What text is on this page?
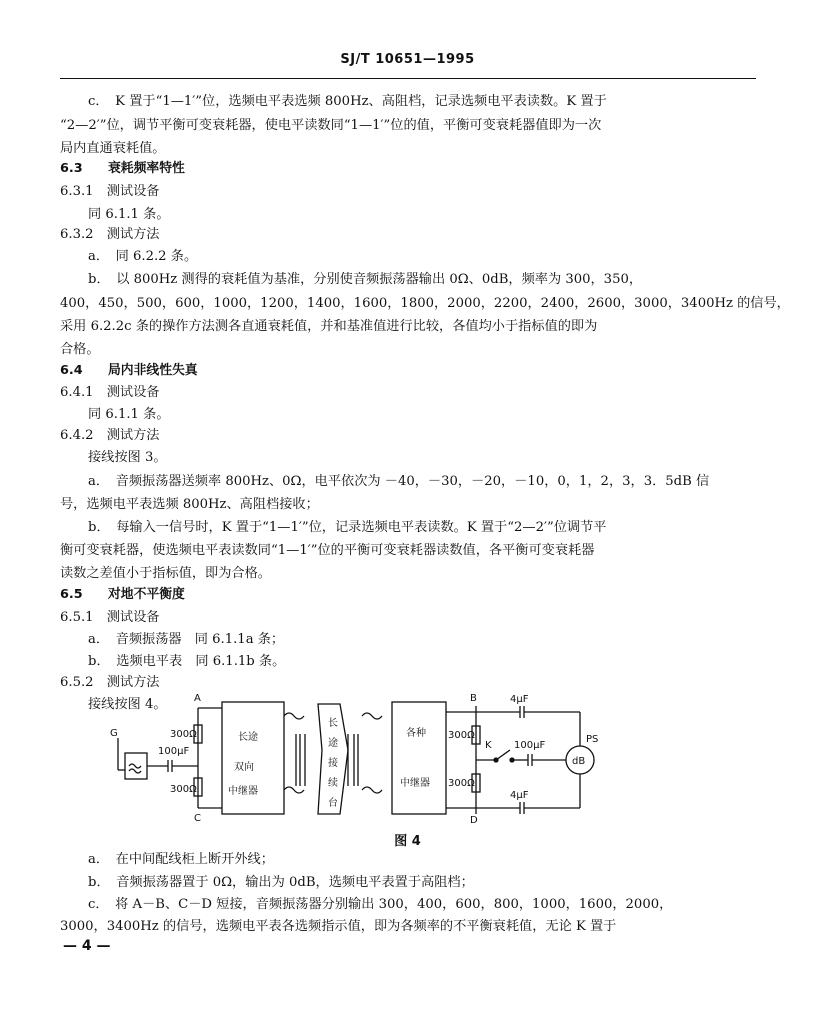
SJ/T 10651—1995
c．　K 置于“1—1′”位，选频电平表选频 800Hz、高阻档，记录选频电平表读数。K 置于
“2—2′”位，调节平衡可变衰耗器，使电平读数同“1—1′”位的值，平衡可变衰耗器值即为一次
局内直通衰耗值。
6.3 衰耗频率特性
6.3.1　测试设备
同 6.1.1 条。
6.3.2　测试方法
a．　同 6.2.2 条。
b．　以 800Hz 测得的衰耗值为基准，分别使音频振荡器输出 0Ω、0dB，频率为 300，350，
400，450，500，600，1000，1200，1400，1600，1800，2000，2200，2400，2600，3000，3400Hz 的信号，
采用 6.2.2c 条的操作方法测各直通衰耗值，并和基准值进行比较，各值均小于指标值的即为
合格。
6.4 局内非线性失真
6.4.1　测试设备
同 6.1.1 条。
6.4.2　测试方法
接线按图 3。
a．　音频振荡器送频率 800Hz、0Ω，电平依次为 －40，－30，－20，－10，0，1，2，3，3．5dB 信
号，选频电平表选频 800Hz、高阻档接收；
b．　每输入一信号时，K 置于“1—1′”位，记录选频电平表读数。K 置于“2—2′”位调节平
衡可变衰耗器，使选频电平表读数同“1—1′”位的平衡可变衰耗器读数值，各平衡可变衰耗器
读数之差值小于指标值，即为合格。
6.5 对地不平衡度
6.5.1　测试设备
a．　音频振荡器　同 6.1.1a 条；
b．　选频电平表　同 6.1.1b 条。
6.5.2　测试方法
接线按图 4。	A
C
B
D
G
K
PS
300Ω
300Ω
300Ω
300Ω
100μF
4μF
4μF
100μF
dB
长途
双向
中继器
长
途
接
续
台
各种
中继器
图 4
a．　在中间配线柜上断开外线；
b．　音频振荡器置于 0Ω，输出为 0dB，选频电平表置于高阻档；
c．　将 A－B、C－D 短接，音频振荡器分别输出 300，400，600，800，1000，1600，2000，
3000，3400Hz 的信号，选频电平表各选频指示值，即为各频率的不平衡衰耗值，无论 K 置于
— 4 —
